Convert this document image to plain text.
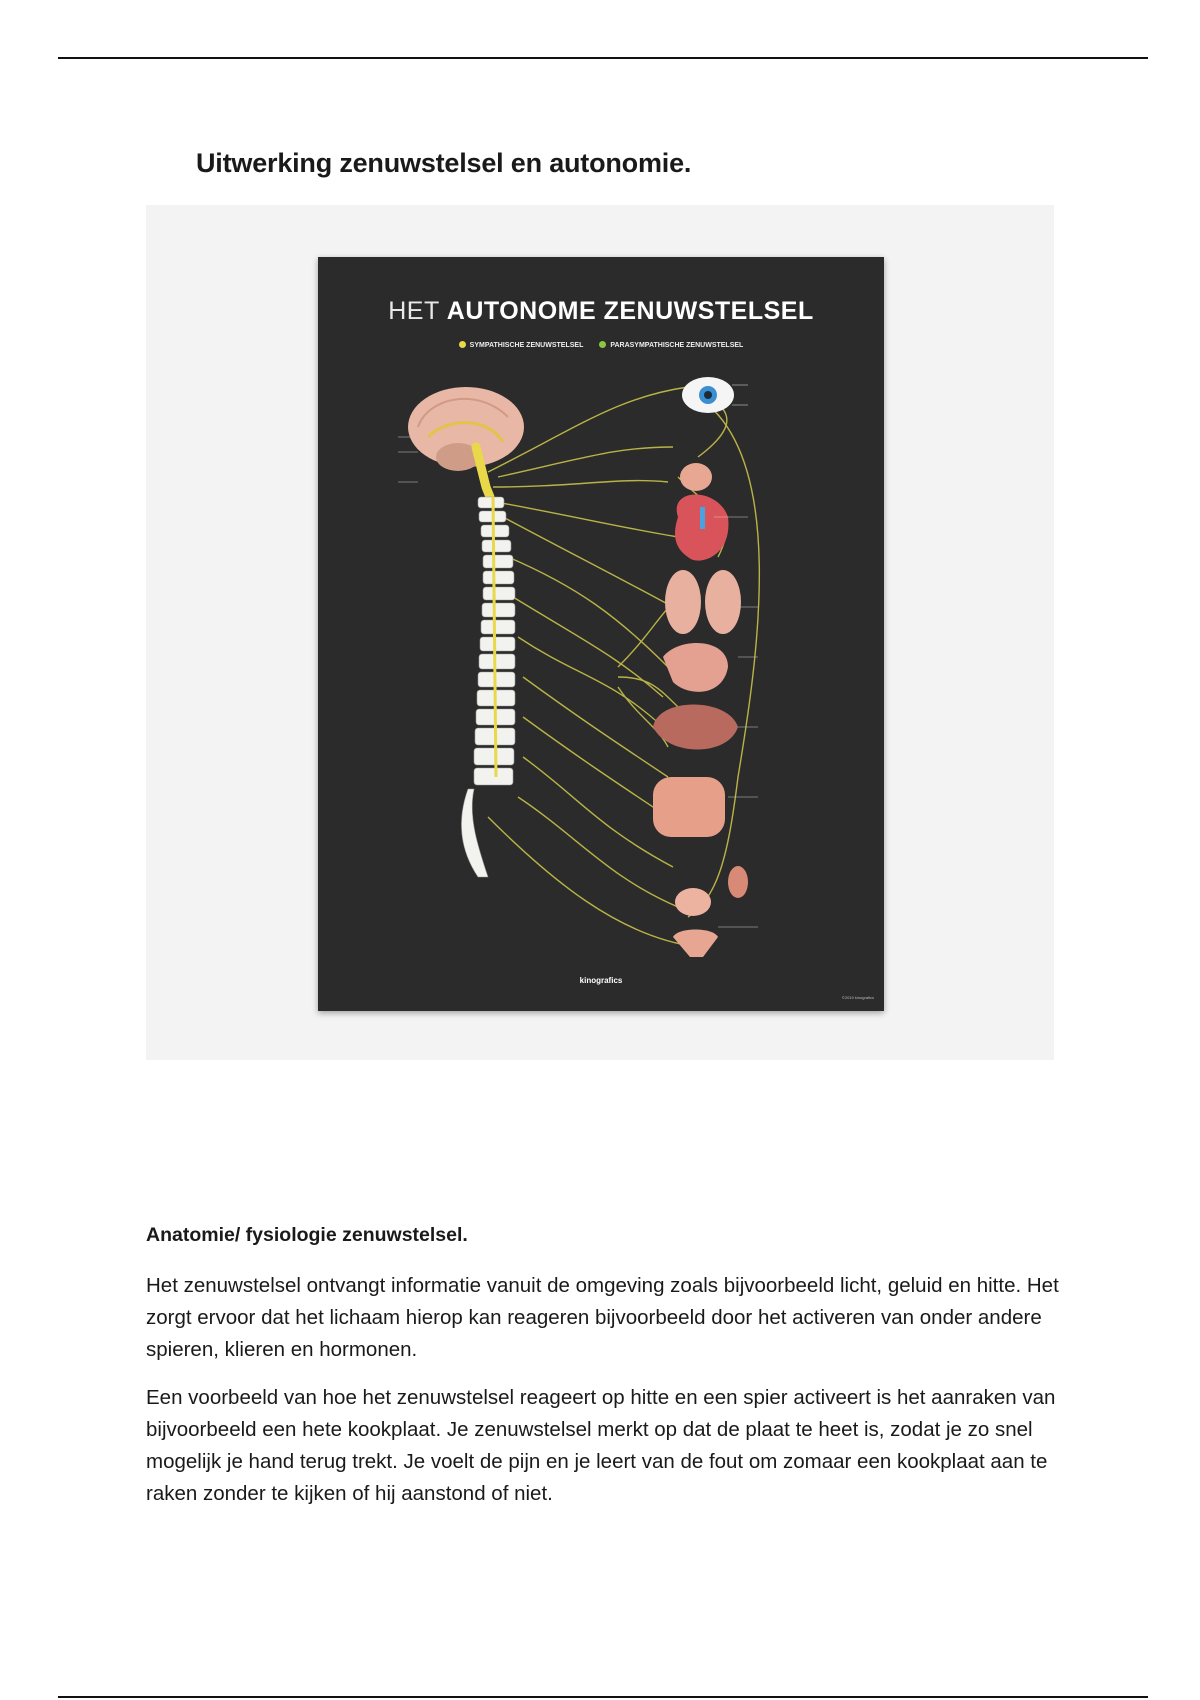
Uitwerking zenuwstelsel en autonomie.
HET AUTONOME ZENUWSTELSEL
SYMPATHISCHE ZENUWSTELSEL	PARASYMPATHISCHE ZENUWSTELSEL
kinografics
©2019 kinografics
Anatomie/ fysiologie zenuwstelsel.

Het zenuwstelsel ontvangt informatie vanuit de omgeving zoals bijvoorbeeld licht, geluid en hitte. Het zorgt ervoor dat het lichaam hierop kan reageren bijvoorbeeld door het activeren van onder andere spieren, klieren en hormonen.

Een voorbeeld van hoe het zenuwstelsel reageert op hitte en een spier activeert is het aanraken van bijvoorbeeld een hete kookplaat. Je zenuwstelsel merkt op dat de plaat te heet is, zodat je zo snel mogelijk je hand terug trekt. Je voelt de pijn en je leert van de fout om zomaar een kookplaat aan te raken zonder te kijken of hij aanstond of niet.
